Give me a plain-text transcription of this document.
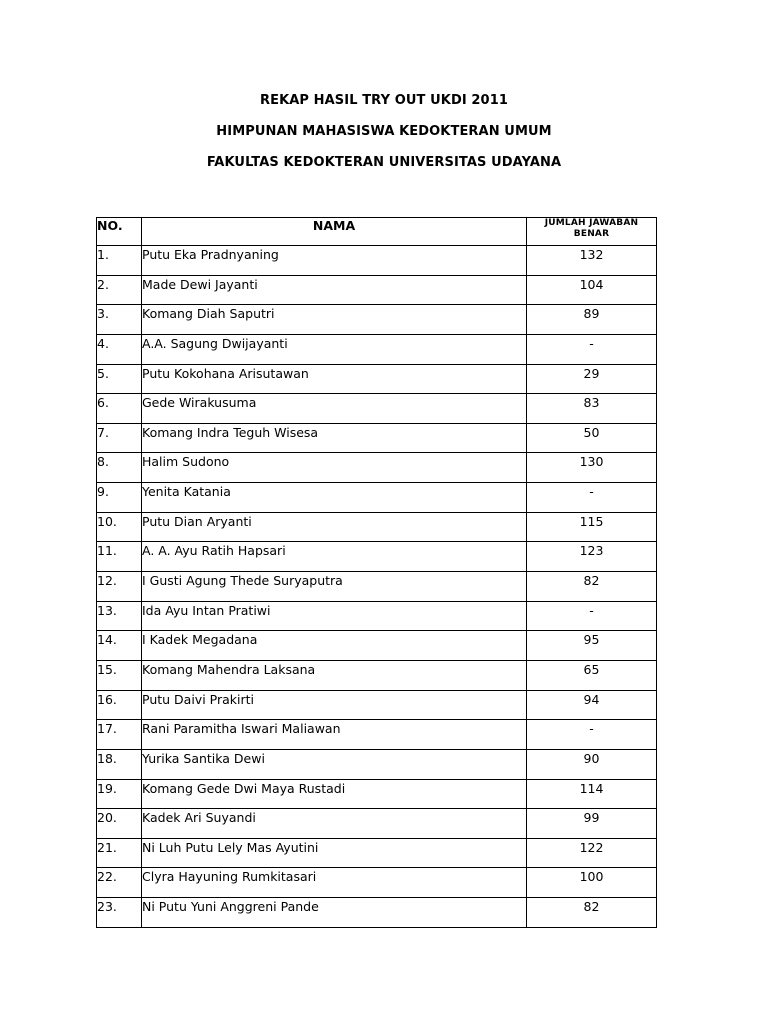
REKAP HASIL TRY OUT UKDI 2011
HIMPUNAN MAHASISWA KEDOKTERAN UMUM
FAKULTAS KEDOKTERAN UNIVERSITAS UDAYANA
NO.	NAMA	JUMLAH JAWABAN
BENAR

1.	Putu Eka Pradnyaning	132
2.	Made Dewi Jayanti	104
3.	Komang Diah Saputri	89
4.	A.A. Sagung Dwijayanti	-
5.	Putu Kokohana Arisutawan	29
6.	Gede Wirakusuma	83
7.	Komang Indra Teguh Wisesa	50
8.	Halim Sudono	130
9.	Yenita Katania	-
10.	Putu Dian Aryanti	115
11.	A. A. Ayu Ratih Hapsari	123
12.	I Gusti Agung Thede Suryaputra	82
13.	Ida Ayu Intan Pratiwi	-
14.	I Kadek Megadana	95
15.	Komang Mahendra Laksana	65
16.	Putu Daivi Prakirti	94
17.	Rani Paramitha Iswari Maliawan	-
18.	Yurika Santika Dewi	90
19.	Komang Gede Dwi Maya Rustadi	114
20.	Kadek Ari Suyandi	99
21.	Ni Luh Putu Lely Mas Ayutini	122
22.	Clyra Hayuning Rumkitasari	100
23.	Ni Putu Yuni Anggreni Pande	82
